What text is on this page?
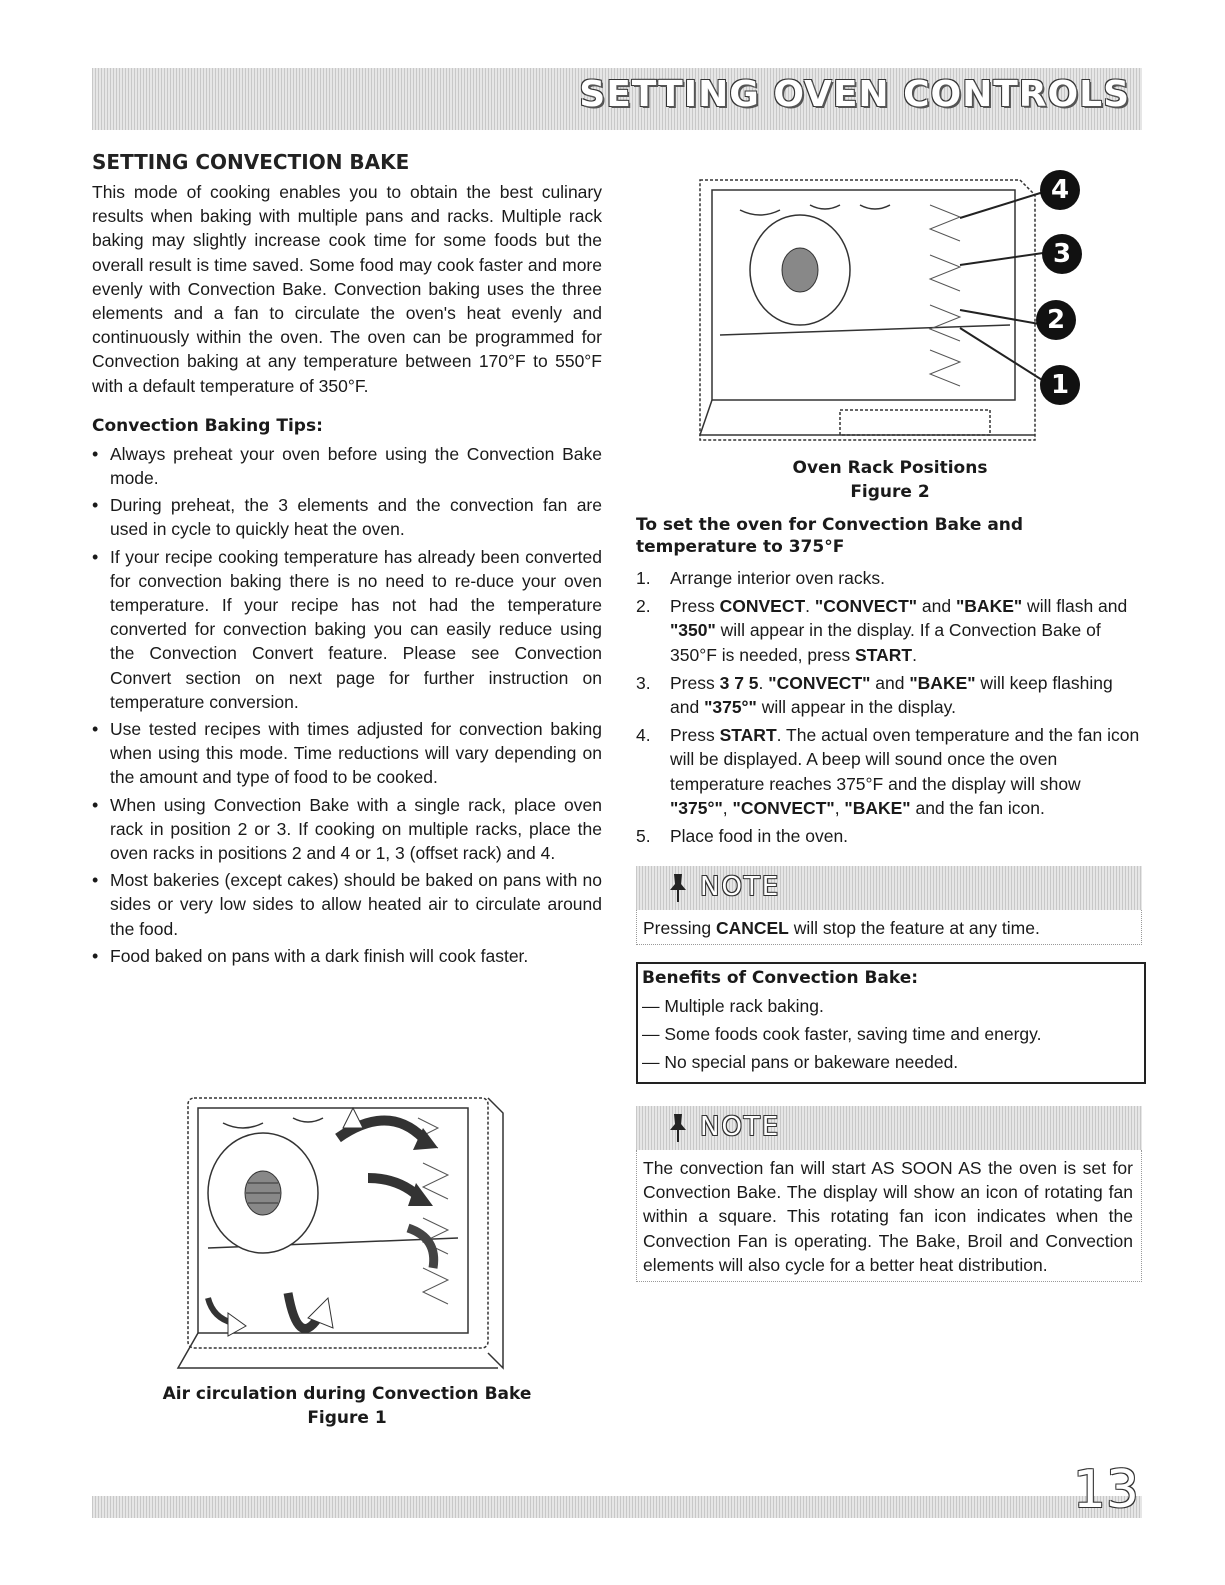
SETTING OVEN CONTROLS
SETTING CONVECTION BAKE

This mode of cooking enables you to obtain the best culinary results when baking with multiple pans and racks. Multiple rack baking may slightly increase cook time for some foods but the overall result is time saved. Some food may cook faster and more evenly with Convection Bake. Convection baking uses the three elements and a fan to circulate the oven's heat evenly and continuously within the oven. The oven can be programmed for Convection baking at any temperature between 170°F to 550°F with a default temperature of 350°F.

Convection Baking Tips:
• Always preheat your oven before using the Convection Bake mode.
• During preheat, the 3 elements and the convection fan are used in cycle to quickly heat the oven.
• If your recipe cooking temperature has already been converted for convection baking there is no need to re-duce your oven temperature. If your recipe has not had the temperature converted for convection baking you can easily reduce using the Convection Convert feature. Please see Convection Convert section on next page for further instruction on temperature conversion.
• Use tested recipes with times adjusted for convection baking when using this mode. Time reductions will vary depending on the amount and type of food to be cooked.
• When using Convection Bake with a single rack, place oven rack in position 2 or 3. If cooking on multiple racks, place the oven racks in positions 2 and 4 or 1, 3 (offset rack) and 4.
• Most bakeries (except cakes) should be baked on pans with no sides or very low sides to allow heated air to circulate around the food.
• Food baked on pans with a dark finish will cook faster.
Air circulation during Convection Bake
Figure 1
4
3
2
1
Oven Rack Positions
Figure 2
To set the oven for Convection Bake and temperature to 375°F
1. Arrange interior oven racks.
2. Press CONVECT. "CONVECT" and "BAKE" will flash and "350" will appear in the display. If a Convection Bake of 350°F is needed, press START.
3. Press 3 7 5. "CONVECT" and "BAKE" will keep flashing and "375°" will appear in the display.
4. Press START. The actual oven temperature and the fan icon will be displayed. A beep will sound once the oven temperature reaches 375°F and the display will show "375°", "CONVECT", "BAKE" and the fan icon.
5. Place food in the oven.
NOTE
Pressing CANCEL will stop the feature at any time.
Benefits of Convection Bake:

— Multiple rack baking.

— Some foods cook faster, saving time and energy.

— No special pans or bakeware needed.

NOTE
The convection fan will start AS SOON AS the oven is set for Convection Bake. The display will show an icon of rotating fan within a square. This rotating fan icon indicates when the Convection Fan is operating. The Bake, Broil and Convection elements will also cycle for a better heat distribution.
13
